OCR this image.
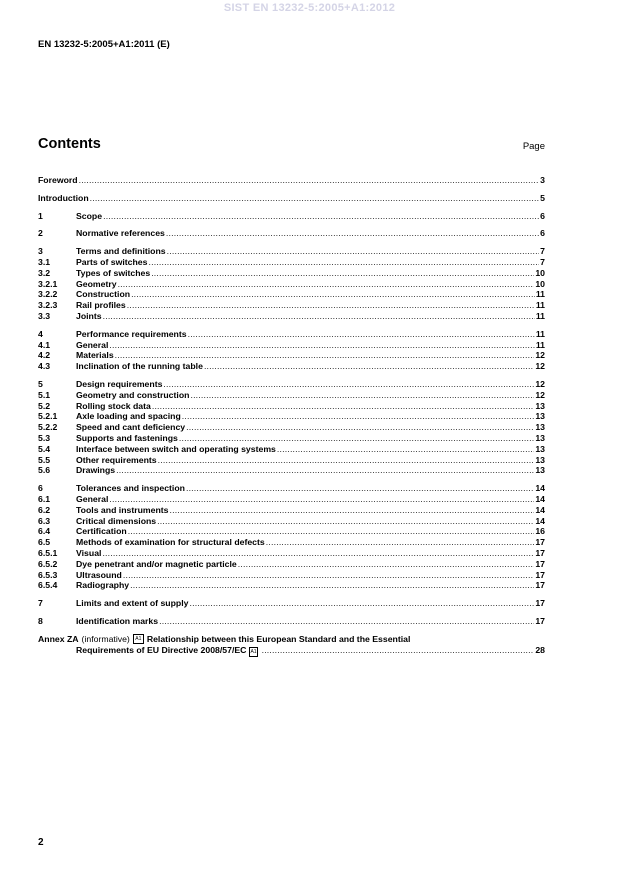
SIST EN 13232-5:2005+A1:2012
EN 13232-5:2005+A1:2011 (E)
Contents	Page
Foreword .....	3
Introduction .....	5
1	Scope .....	6
2	Normative references .....	6
3	Terms and definitions .....	7
3.1	Parts of switches .....	7
3.2	Types of switches .....	10
3.2.1	Geometry .....	10
3.2.2	Construction .....	11
3.2.3	Rail profiles .....	11
3.3	Joints .....	11
4	Performance requirements .....	11
4.1	General .....	11
4.2	Materials .....	12
4.3	Inclination of the running table .....	12
5	Design requirements .....	12
5.1	Geometry and construction .....	12
5.2	Rolling stock data .....	13
5.2.1	Axle loading and spacing .....	13
5.2.2	Speed and cant deficiency .....	13
5.3	Supports and fastenings .....	13
5.4	Interface between switch and operating systems .....	13
5.5	Other requirements .....	13
5.6	Drawings .....	13
6	Tolerances and inspection .....	14
6.1	General .....	14
6.2	Tools and instruments .....	14
6.3	Critical dimensions .....	14
6.4	Certification .....	16
6.5	Methods of examination for structural defects .....	17
6.5.1	Visual .....	17
6.5.2	Dye penetrant and/or magnetic particle .....	17
6.5.3	Ultrasound .....	17
6.5.4	Radiography .....	17
7	Limits and extent of supply .....	17
8	Identification marks .....	17
Annex ZA (informative)	A1 Relationship between this European Standard and the Essential
Requirements of EU Directive 2008/57/EC A1 .....	28
2
